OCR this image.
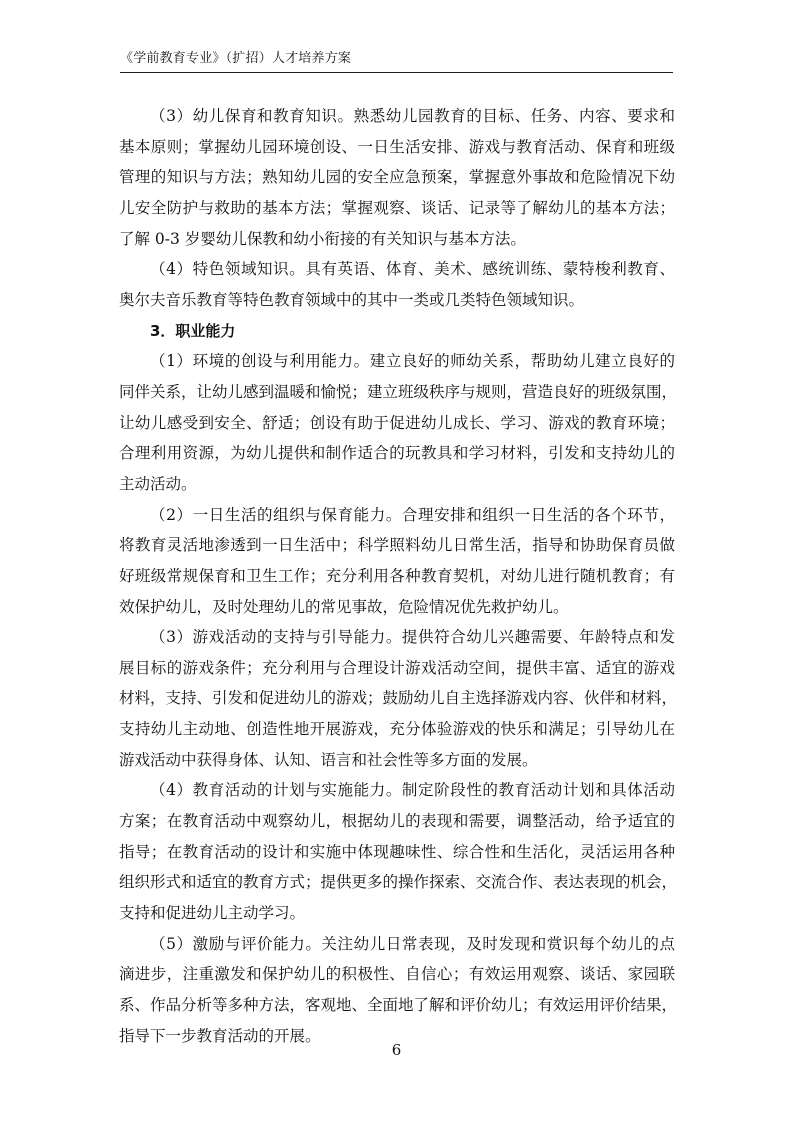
《学前教育专业》（扩招）人才培养方案
（3）幼儿保育和教育知识。熟悉幼儿园教育的目标、任务、内容、要求和
基本原则；掌握幼儿园环境创设、一日生活安排、游戏与教育活动、保育和班级
管理的知识与方法；熟知幼儿园的安全应急预案，掌握意外事故和危险情况下幼
儿安全防护与救助的基本方法；掌握观察、谈话、记录等了解幼儿的基本方法；
了解 0-3 岁婴幼儿保教和幼小衔接的有关知识与基本方法。
（4）特色领域知识。具有英语、体育、美术、感统训练、蒙特梭利教育、
奥尔夫音乐教育等特色教育领域中的其中一类或几类特色领域知识。
3．职业能力
（1）环境的创设与利用能力。建立良好的师幼关系，帮助幼儿建立良好的
同伴关系，让幼儿感到温暖和愉悦；建立班级秩序与规则，营造良好的班级氛围，
让幼儿感受到安全、舒适；创设有助于促进幼儿成长、学习、游戏的教育环境；
合理利用资源，为幼儿提供和制作适合的玩教具和学习材料，引发和支持幼儿的
主动活动。
（2）一日生活的组织与保育能力。合理安排和组织一日生活的各个环节，
将教育灵活地渗透到一日生活中；科学照料幼儿日常生活，指导和协助保育员做
好班级常规保育和卫生工作；充分利用各种教育契机，对幼儿进行随机教育；有
效保护幼儿，及时处理幼儿的常见事故，危险情况优先救护幼儿。
（3）游戏活动的支持与引导能力。提供符合幼儿兴趣需要、年龄特点和发
展目标的游戏条件；充分利用与合理设计游戏活动空间，提供丰富、适宜的游戏
材料，支持、引发和促进幼儿的游戏；鼓励幼儿自主选择游戏内容、伙伴和材料，
支持幼儿主动地、创造性地开展游戏，充分体验游戏的快乐和满足；引导幼儿在
游戏活动中获得身体、认知、语言和社会性等多方面的发展。
（4）教育活动的计划与实施能力。制定阶段性的教育活动计划和具体活动
方案；在教育活动中观察幼儿，根据幼儿的表现和需要，调整活动，给予适宜的
指导；在教育活动的设计和实施中体现趣味性、综合性和生活化，灵活运用各种
组织形式和适宜的教育方式；提供更多的操作探索、交流合作、表达表现的机会，
支持和促进幼儿主动学习。
（5）激励与评价能力。关注幼儿日常表现，及时发现和赏识每个幼儿的点
滴进步，注重激发和保护幼儿的积极性、自信心；有效运用观察、谈话、家园联
系、作品分析等多种方法，客观地、全面地了解和评价幼儿；有效运用评价结果，
指导下一步教育活动的开展。
6
